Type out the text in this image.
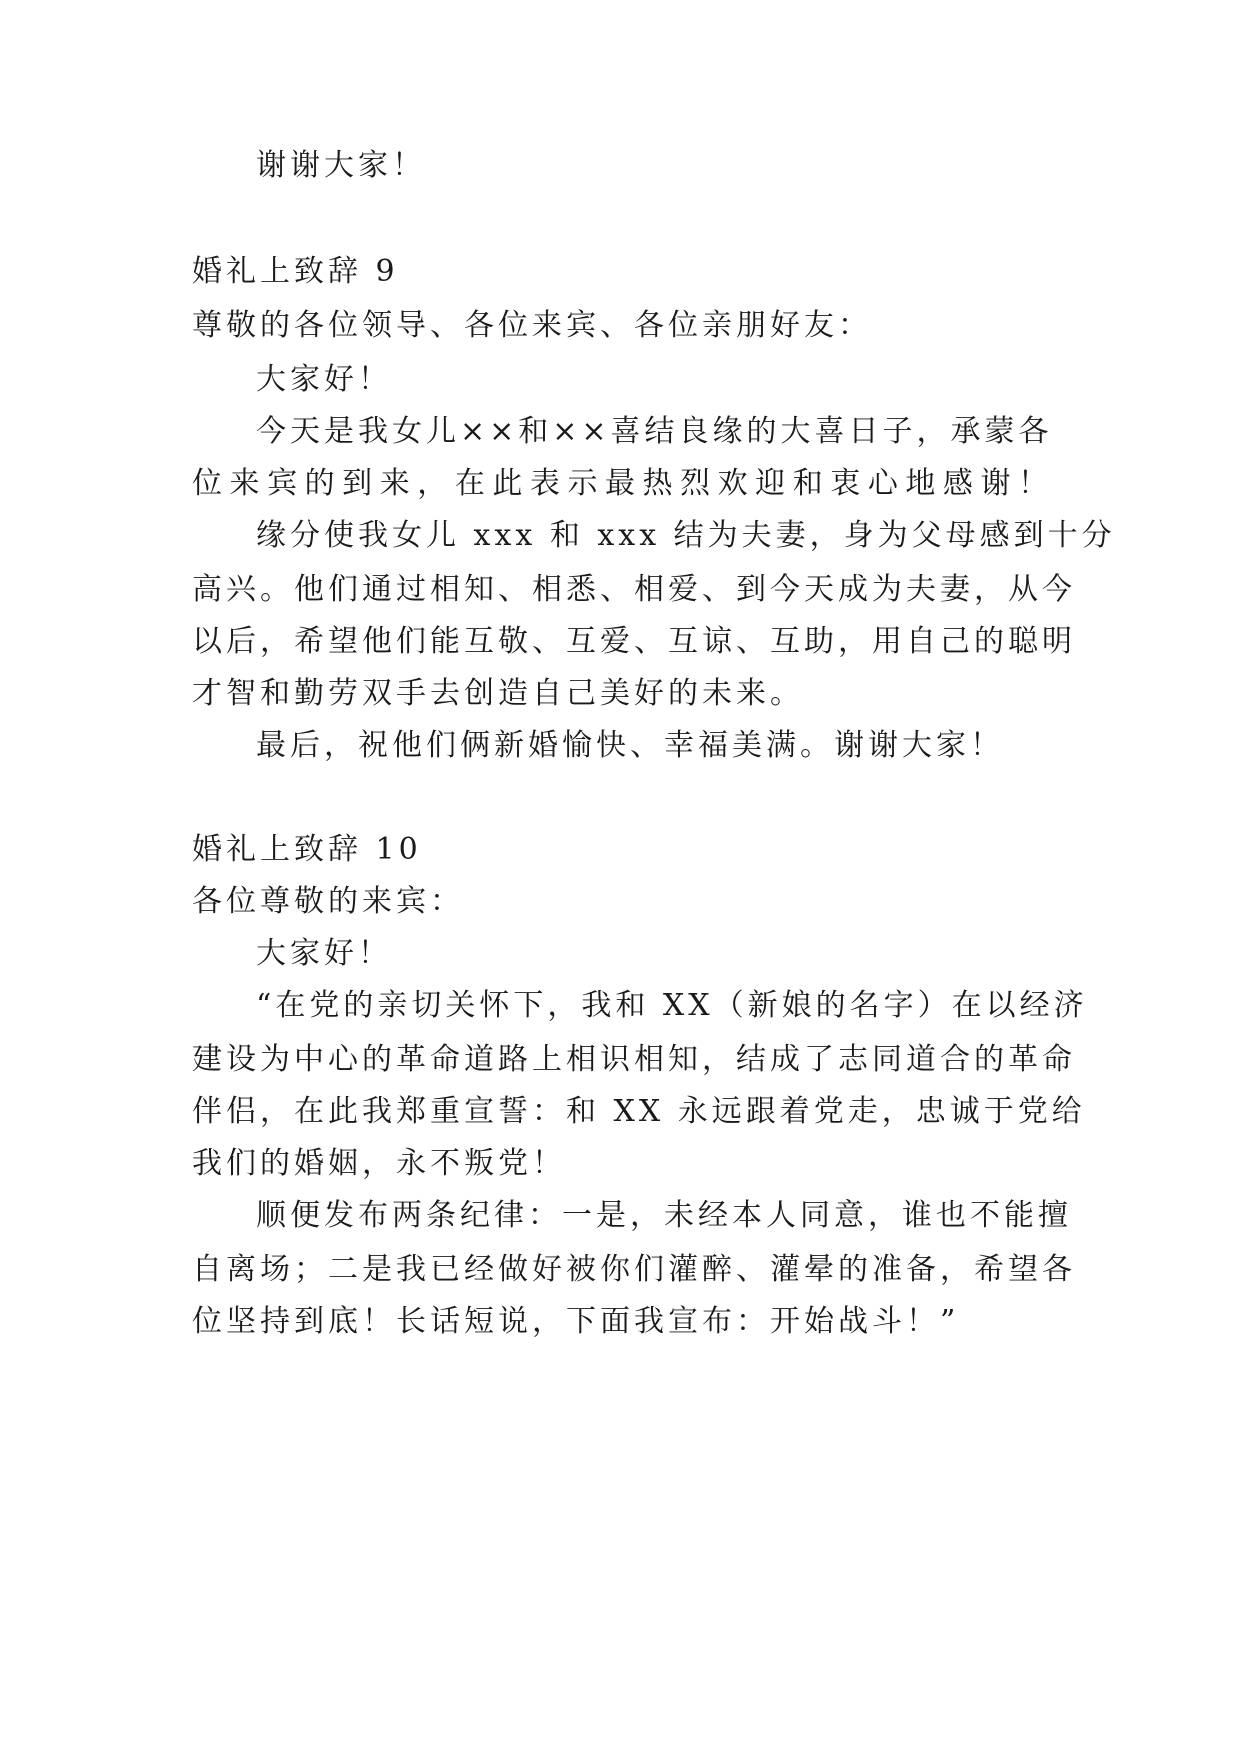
谢谢大家！
婚礼上致辞 9
尊敬的各位领导、各位来宾、各位亲朋好友：
大家好！
今天是我女儿××和××喜结良缘的大喜日子，承蒙各
位来宾的到来，在此表示最热烈欢迎和衷心地感谢！
缘分使我女儿 xxx 和 xxx 结为夫妻，身为父母感到十分
高兴。他们通过相知、相悉、相爱、到今天成为夫妻，从今
以后，希望他们能互敬、互爱、互谅、互助，用自己的聪明
才智和勤劳双手去创造自己美好的未来。
最后，祝他们俩新婚愉快、幸福美满。谢谢大家！
婚礼上致辞 10
各位尊敬的来宾：
大家好！
“在党的亲切关怀下，我和 XX（新娘的名字）在以经济
建设为中心的革命道路上相识相知，结成了志同道合的革命
伴侣，在此我郑重宣誓：和 XX 永远跟着党走，忠诚于党给
我们的婚姻，永不叛党！
顺便发布两条纪律：一是，未经本人同意，谁也不能擅
自离场；二是我已经做好被你们灌醉、灌晕的准备，希望各
位坚持到底！长话短说，下面我宣布：开始战斗！”
